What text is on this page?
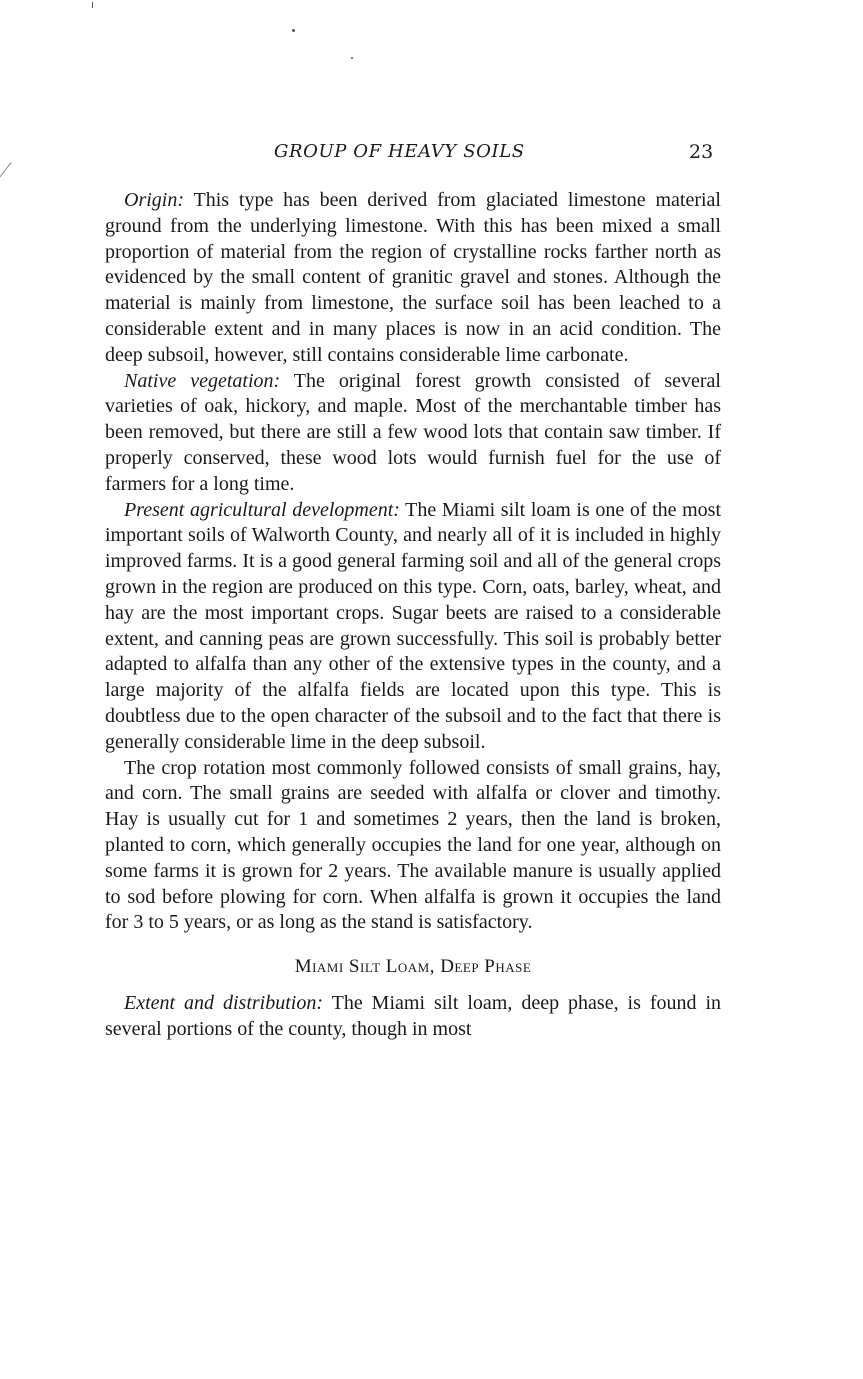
GROUP OF HEAVY SOILS	23

Origin: This type has been derived from glaciated limestone material ground from the underlying limestone. With this has been mixed a small proportion of material from the region of crystalline rocks farther north as evidenced by the small content of granitic gravel and stones. Although the material is mainly from limestone, the surface soil has been leached to a considerable extent and in many places is now in an acid condition. The deep subsoil, however, still contains considerable lime carbonate.

Native vegetation: The original forest growth consisted of several varieties of oak, hickory, and maple. Most of the merchantable timber has been removed, but there are still a few wood lots that contain saw timber. If properly conserved, these wood lots would furnish fuel for the use of farmers for a long time.

Present agricultural development: The Miami silt loam is one of the most important soils of Walworth County, and nearly all of it is included in highly improved farms. It is a good general farming soil and all of the general crops grown in the region are produced on this type. Corn, oats, barley, wheat, and hay are the most important crops. Sugar beets are raised to a considerable extent, and canning peas are grown successfully. This soil is probably better adapted to alfalfa than any other of the extensive types in the county, and a large majority of the alfalfa fields are located upon this type. This is doubtless due to the open character of the subsoil and to the fact that there is generally considerable lime in the deep subsoil.

The crop rotation most commonly followed consists of small grains, hay, and corn. The small grains are seeded with alfalfa or clover and timothy. Hay is usually cut for 1 and sometimes 2 years, then the land is broken, planted to corn, which generally occupies the land for one year, although on some farms it is grown for 2 years. The available manure is usually applied to sod before plowing for corn. When alfalfa is grown it occupies the land for 3 to 5 years, or as long as the stand is satisfactory.

Miami Silt Loam, Deep Phase

Extent and distribution: The Miami silt loam, deep phase, is found in several portions of the county, though in most
